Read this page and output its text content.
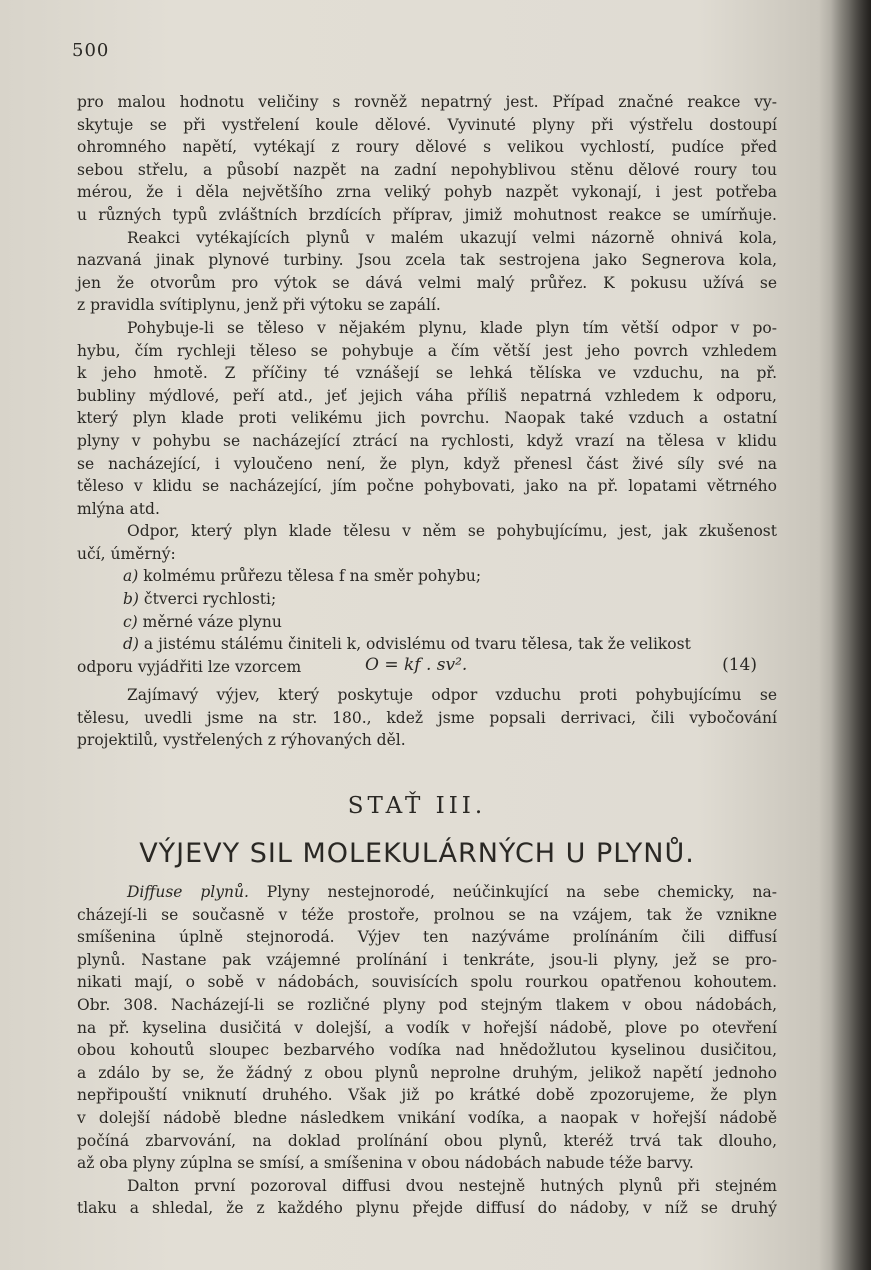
500
pro malou hodnotu veličiny s rovněž nepatrný jest. Případ značné reakce vy-
skytuje se při vystřelení koule dělové. Vyvinuté plyny při výstřelu dostoupí
ohromného napětí, vytékají z roury dělové s velikou vychlostí, pudíce před
sebou střelu, a působí nazpět na zadní nepohyblivou stěnu dělové roury tou
mérou, že i děla největšího zrna veliký pohyb nazpět vykonají, i jest potřeba
u různých typů zvláštních brzdících příprav, jimiž mohutnost reakce se umírňuje.
Reakci vytékajících plynů v malém ukazují velmi názorně ohnivá kola,
nazvaná jinak plynové turbiny. Jsou zcela tak sestrojena jako Segnerova kola,
jen že otvorům pro výtok se dává velmi malý průřez. K pokusu užívá se
z pravidla svítiplynu, jenž při výtoku se zapálí.
Pohybuje-li se těleso v nějakém plynu, klade plyn tím větší odpor v po-
hybu, čím rychleji těleso se pohybuje a čím větší jest jeho povrch vzhledem
k jeho hmotě. Z příčiny té vznášejí se lehká tělíska ve vzduchu, na př.
bubliny mýdlové, peří atd., jeť jejich váha příliš nepatrná vzhledem k odporu,
který plyn klade proti velikému jich povrchu. Naopak také vzduch a ostatní
plyny v pohybu se nacházející ztrácí na rychlosti, když vrazí na tělesa v klidu
se nacházející, i vyloučeno není, že plyn, když přenesl část živé síly své na
těleso v klidu se nacházející, jím počne pohybovati, jako na př. lopatami větrného
mlýna atd.
Odpor, který plyn klade tělesu v něm se pohybujícímu, jest, jak zkušenost
učí, úměrný:
a) kolmému průřezu tělesa f na směr pohybu;
b) čtverci rychlosti;
c) měrné váze plynu
d) a jistému stálému činiteli k, odvislému od tvaru tělesa, tak že velikost
odporu vyjádřiti lze vzorcem	O = kf . sv².	(14)
Zajímavý výjev, který poskytuje odpor vzduchu proti pohybujícímu se
tělesu, uvedli jsme na str. 180., kdež jsme popsali derrivaci, čili vybočování
projektilů, vystřelených z rýhovaných děl.
STAŤ III.
VÝJEVY SIL MOLEKULÁRNÝCH U PLYNŮ.
Diffuse plynů. Plyny nestejnorodé, neúčinkující na sebe chemicky, na-
cházejí-li se současně v téže prostoře, prolnou se na vzájem, tak že vzniknе
smíšenina úplně stejnorodá. Výjev ten nazýváme prolínáním čili diffusí
plynů. Nastane pak vzájemné prolínání i tenkráte, jsou-li plyny, jež se pro-
nikati mají, o sobě v nádobách, souvisících spolu rourkou opatřenou kohoutem.
Obr. 308. Nacházejí-li se rozličné plyny pod stejným tlakem v obou nádobách,
na př. kyselina dusičitá v dolejší, a vodík v hořejší nádobě, plove po otevření
obou kohoutů sloupec bezbarvého vodíka nad hnědožlutou kyselinou dusičitou,
a zdálo by se, že žádný z obou plynů neprolne druhým, jelikož napětí jednoho
nepřipouští vniknutí druhého. Však již po krátké době zpozorujeme, že plyn
v dolejší nádobě bledne následkem vnikání vodíka, a naopak v hořejší nádobě
počíná zbarvování, na doklad prolínání obou plynů, kteréž trvá tak dlouho,
až oba plyny zúplna se smísí, a smíšenina v obou nádobách nabude téže barvy.
Dalton první pozoroval diffusi dvou nestejně hutných plynů při stejném
tlaku a shledal, že z každého plynu přejde diffusí do nádoby, v níž se druhý
